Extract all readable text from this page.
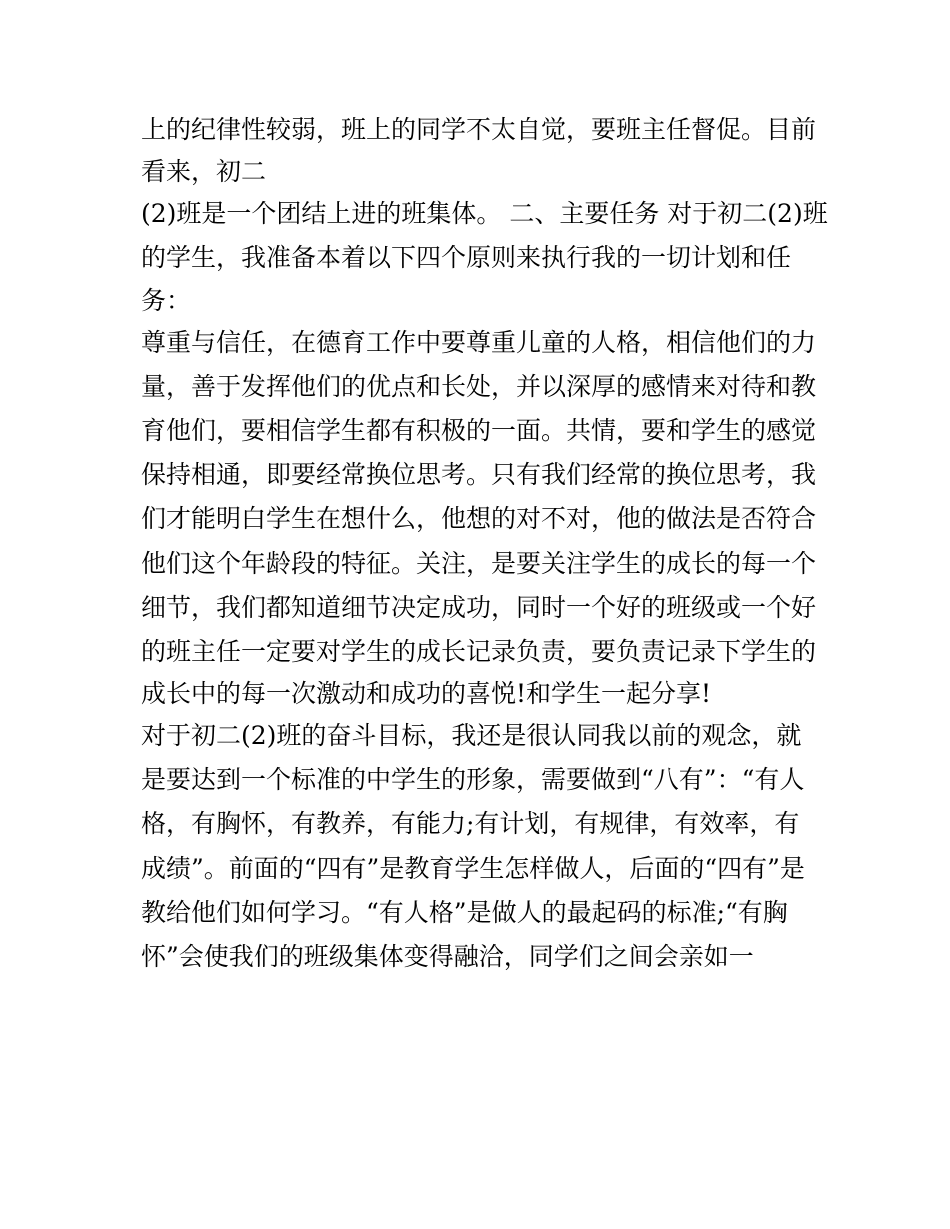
上的纪律性较弱，班上的同学不太自觉，要班主任督促。目前
看来，初二
(2)班是一个团结上进的班集体。 二、主要任务 对于初二(2)班
的学生，我准备本着以下四个原则来执行我的一切计划和任
务：
尊重与信任，在德育工作中要尊重儿童的人格，相信他们的力
量，善于发挥他们的优点和长处，并以深厚的感情来对待和教
育他们，要相信学生都有积极的一面。共情，要和学生的感觉
保持相通，即要经常换位思考。只有我们经常的换位思考，我
们才能明白学生在想什么，他想的对不对，他的做法是否符合
他们这个年龄段的特征。关注，是要关注学生的成长的每一个
细节，我们都知道细节决定成功，同时一个好的班级或一个好
的班主任一定要对学生的成长记录负责，要负责记录下学生的
成长中的每一次激动和成功的喜悦!和学生一起分享!
对于初二(2)班的奋斗目标，我还是很认同我以前的观念，就
是要达到一个标准的中学生的形象，需要做到“八有”：“有人
格，有胸怀，有教养，有能力;有计划，有规律，有效率，有
成绩”。前面的“四有”是教育学生怎样做人，后面的“四有”是
教给他们如何学习。“有人格”是做人的最起码的标准;“有胸
怀”会使我们的班级集体变得融洽，同学们之间会亲如一
